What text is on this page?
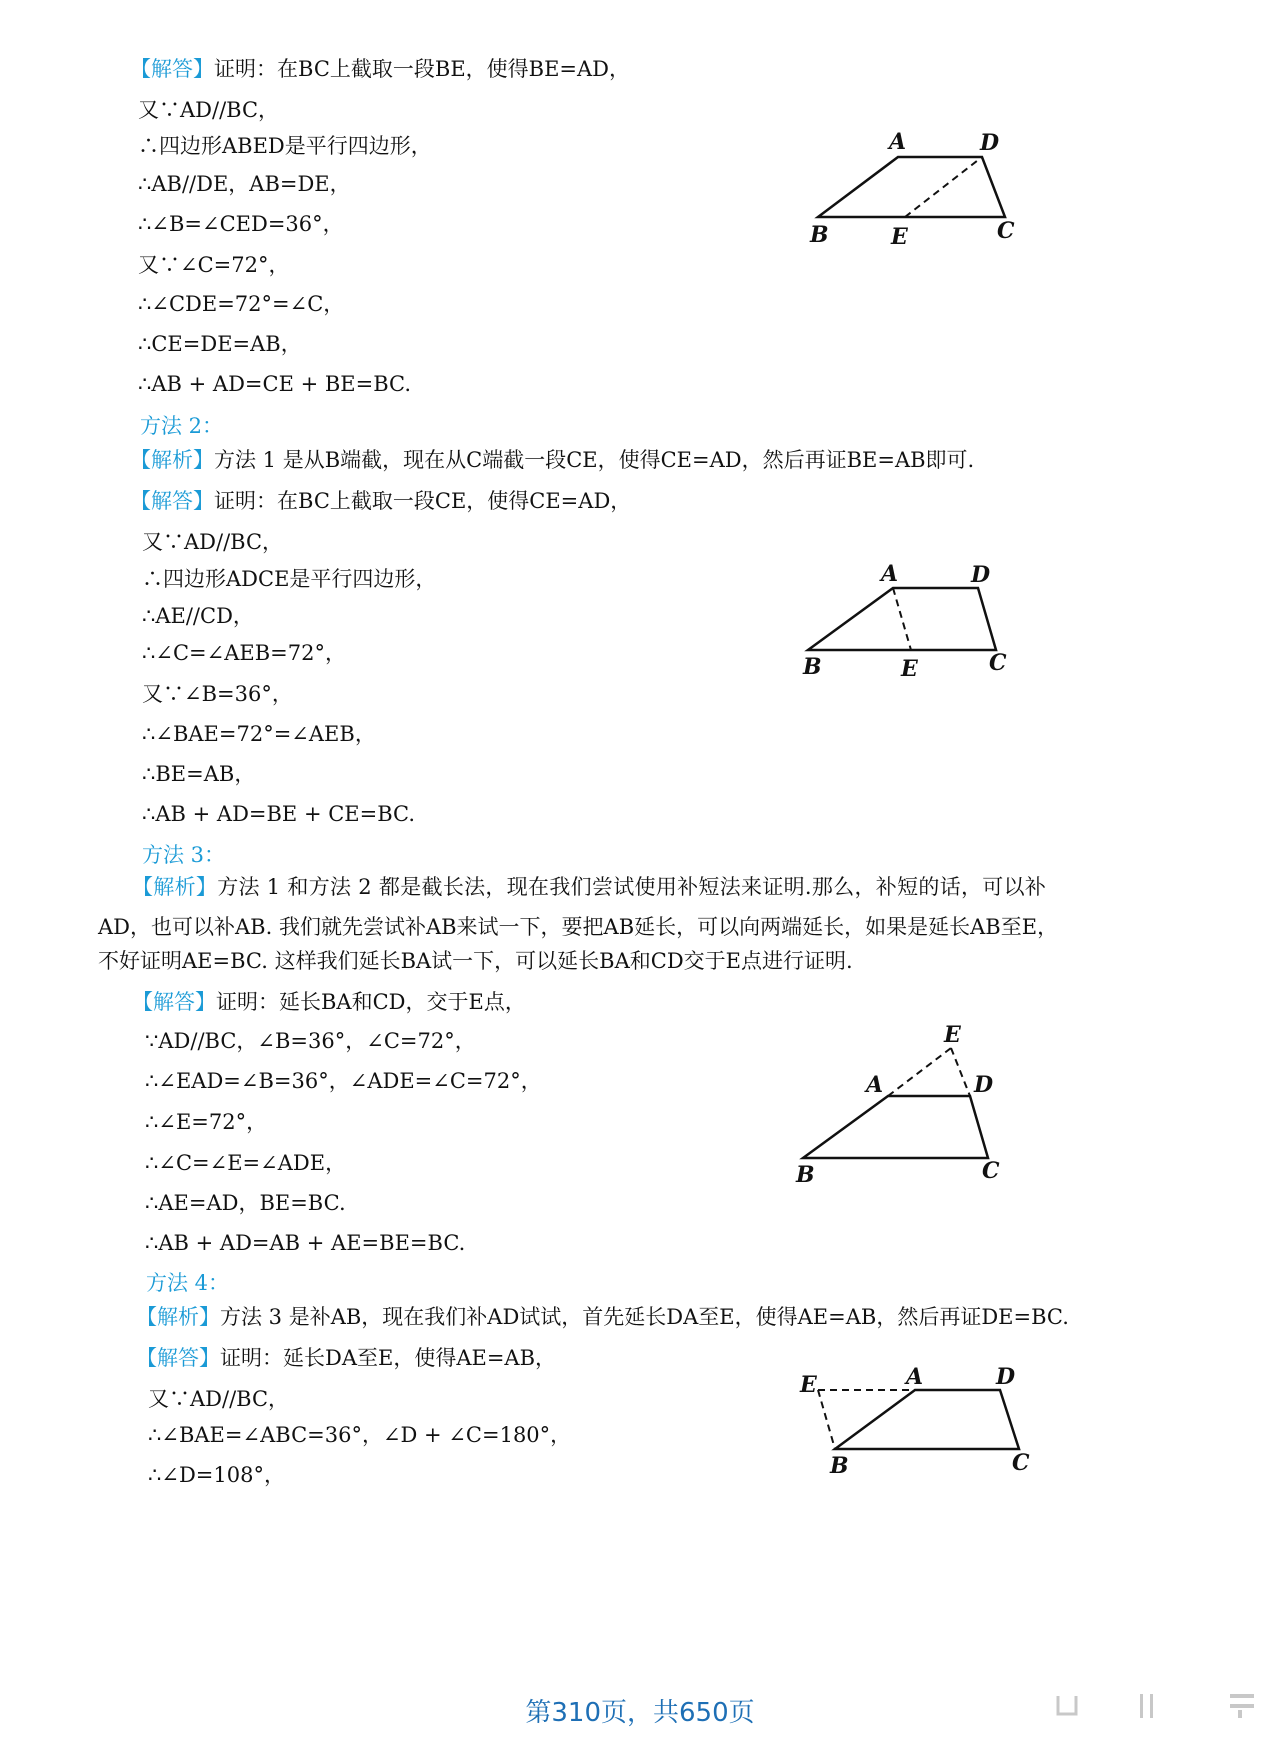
【解答】证明：在BC上截取一段BE，使得BE=AD，
又∵AD//BC，
∴四边形ABED是平行四边形，
∴AB//DE，AB=DE，
∴∠B=∠CED=36°，
又∵∠C=72°，
∴∠CDE=72°=∠C，
∴CE=DE=AB，
∴AB + AD=CE + BE=BC.
A	D
B	E	C
方法 2：
【解析】方法 1 是从B端截，现在从C端截一段CE，使得CE=AD，然后再证BE=AB即可.
【解答】证明：在BC上截取一段CE，使得CE=AD，
又∵AD//BC，
∴四边形ADCE是平行四边形，
∴AE//CD，
∴∠C=∠AEB=72°，
又∵∠B=36°，
∴∠BAE=72°=∠AEB，
∴BE=AB，
∴AB + AD=BE + CE=BC.
A	D
B	E	C
方法 3：
【解析】方法 1 和方法 2 都是截长法，现在我们尝试使用补短法来证明.那么，补短的话，可以补
AD，也可以补AB. 我们就先尝试补AB来试一下，要把AB延长，可以向两端延长，如果是延长AB至E，
不好证明AE=BC. 这样我们延长BA试一下，可以延长BA和CD交于E点进行证明.
【解答】证明：延长BA和CD，交于E点，
∵AD//BC，∠B=36°，∠C=72°，
∴∠EAD=∠B=36°，∠ADE=∠C=72°，
∴∠E=72°，
∴∠C=∠E=∠ADE，
∴AE=AD，BE=BC.
∴AB + AD=AB + AE=BE=BC.
E
A	D
B	C
方法 4：
【解析】方法 3 是补AB，现在我们补AD试试，首先延长DA至E，使得AE=AB，然后再证DE=BC.
【解答】证明：延长DA至E，使得AE=AB，
又∵AD//BC，
∴∠BAE=∠ABC=36°，∠D + ∠C=180°，
∴∠D=108°，
E	A	D
B	C
第310页，共650页
